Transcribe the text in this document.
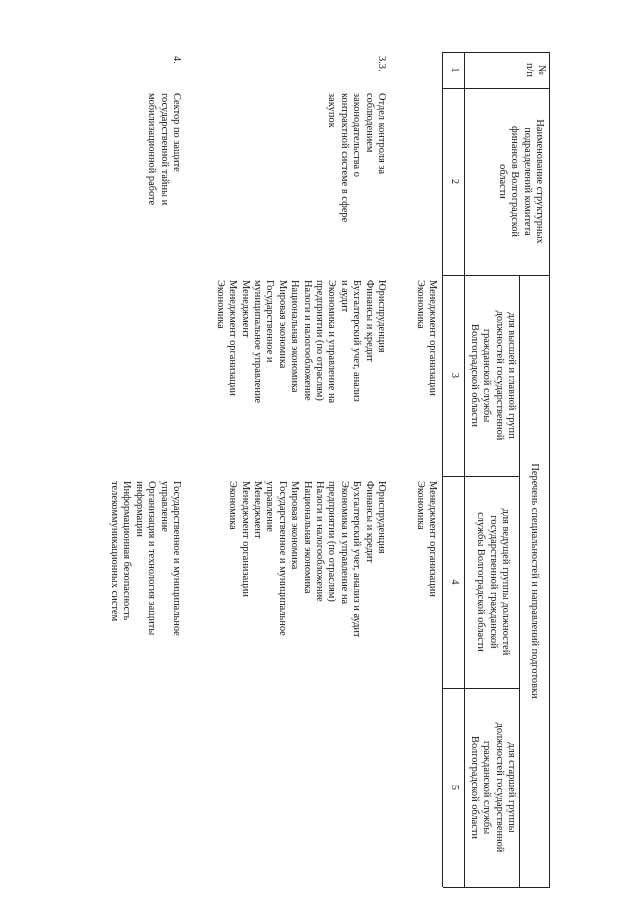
№
п/п
Наименование структурных
подразделений комитета
финансов Волгоградской
области
Перечень специальностей и направлений подготовки
для высшей и главной групп
должностей государственной
гражданской службы
Волгоградской области
для ведущей группы должностей
государственной гражданской
службы Волгоградской области
для старшей группы
должностей государственной
гражданской службы
Волгоградской области
1
2
3
4
5
Менеджмент организации
Экономика
Менеджмент организации
Экономика
3.3.
Отдел контроля за
соблюдением
законодательства о
контрактной системе в сфере
закупок
Юриспруденция
Финансы и кредит
Бухгалтерский учет, анализ
и аудит
Экономика и управление на
предприятии (по отраслям)
Налоги и налогообложение
Национальная экономика
Мировая экономика
Государственное и
муниципальное управление
Менеджмент
Менеджмент организации
Экономика
Юриспруденция
Финансы и кредит
Бухгалтерский учет, анализ и аудит
Экономика и управление на
предприятии (по отраслям)
Налоги и налогообложение
Национальная экономика
Мировая экономика
Государственное и муниципальное
управление
Менеджмент
Менеджмент организации
Экономика
4.
Сектор по защите
государственной тайны и
мобилизационной работе
Государственное и муниципальное
управление
Организация и технология защиты
информации
Информационная безопасность
телекоммуникационных систем
